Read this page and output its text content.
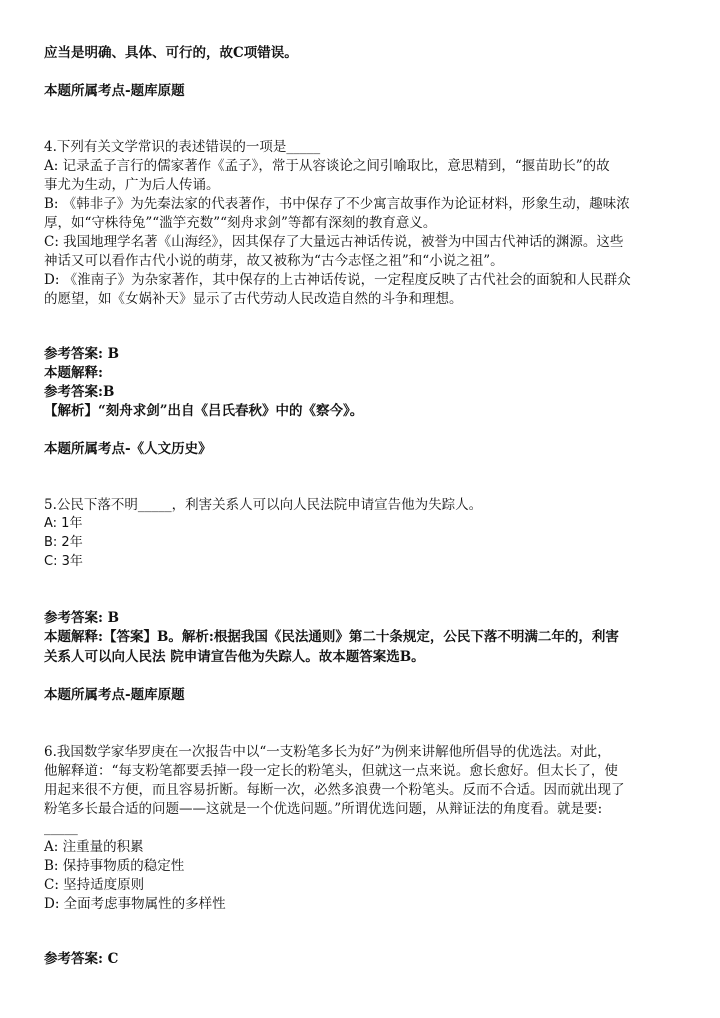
应当是明确、具体、可行的，故C项错误。
本题所属考点-题库原题
4.下列有关文学常识的表述错误的一项是_____
A: 记录孟子言行的儒家著作《孟子》，常于从容谈论之间引喻取比，意思精到，“揠苗助长”的故
事尤为生动，广为后人传诵。
B: 《韩非子》为先秦法家的代表著作，书中保存了不少寓言故事作为论证材料，形象生动，趣味浓
厚，如“守株待兔”“滥竽充数”“刻舟求剑”等都有深刻的教育意义。
C: 我国地理学名著《山海经》，因其保存了大量远古神话传说，被誉为中国古代神话的渊源。这些
神话又可以看作古代小说的萌芽，故又被称为“古今志怪之祖”和“小说之祖”。
D: 《淮南子》为杂家著作，其中保存的上古神话传说，一定程度反映了古代社会的面貌和人民群众
的愿望，如《女娲补天》显示了古代劳动人民改造自然的斗争和理想。
参考答案: B
本题解释:
参考答案:B
【解析】“刻舟求剑”出自《吕氏春秋》中的《察今》。
本题所属考点-《人文历史》
5.公民下落不明_____，利害关系人可以向人民法院申请宣告他为失踪人。
A: 1年
B: 2年
C: 3年
参考答案: B
本题解释:【答案】B。解析:根据我国《民法通则》第二十条规定，公民下落不明满二年的，利害
关系人可以向人民法 院申请宣告他为失踪人。故本题答案选B。
本题所属考点-题库原题
6.我国数学家华罗庚在一次报告中以“一支粉笔多长为好”为例来讲解他所倡导的优选法。对此，
他解释道：“每支粉笔都要丢掉一段一定长的粉笔头，但就这一点来说。愈长愈好。但太长了，使
用起来很不方便，而且容易折断。每断一次，必然多浪费一个粉笔头。反而不合适。因而就出现了
粉笔多长最合适的问题——这就是一个优选问题。”所谓优选问题，从辩证法的角度看。就是要:
_____
A: 注重量的积累
B: 保持事物质的稳定性
C: 坚持适度原则
D: 全面考虑事物属性的多样性
参考答案: C
